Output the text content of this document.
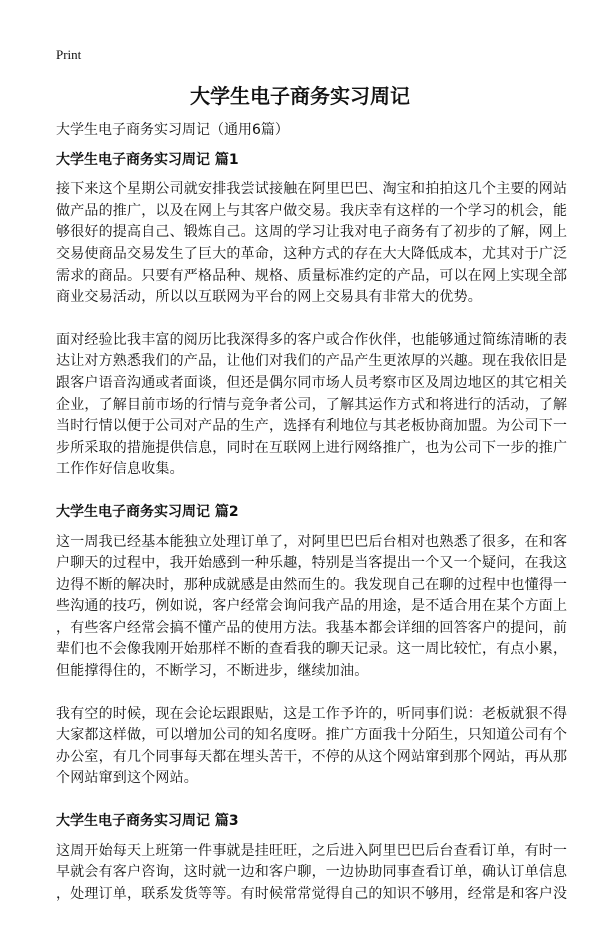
Print
大学生电子商务实习周记
大学生电子商务实习周记（通用6篇）
大学生电子商务实习周记 篇1

接下来这个星期公司就安排我尝试接触在阿里巴巴、淘宝和拍拍这几个主要的网站
做产品的推广，以及在网上与其客户做交易。我庆幸有这样的一个学习的机会，能
够很好的提高自己、锻炼自己。这周的学习让我对电子商务有了初步的了解，网上
交易使商品交易发生了巨大的革命，这种方式的存在大大降低成本，尤其对于广泛
需求的商品。只要有严格品种、规格、质量标准约定的产品，可以在网上实现全部
商业交易活动，所以以互联网为平台的网上交易具有非常大的优势。

面对经验比我丰富的阅历比我深得多的客户或合作伙伴，也能够通过简练清晰的表
达让对方熟悉我们的产品，让他们对我们的产品产生更浓厚的兴趣。现在我依旧是
跟客户语音沟通或者面谈，但还是偶尔同市场人员考察市区及周边地区的其它相关
企业，了解目前市场的行情与竞争者公司，了解其运作方式和将进行的活动，了解
当时行情以便于公司对产品的生产，选择有利地位与其老板协商加盟。为公司下一
步所采取的措施提供信息，同时在互联网上进行网络推广，也为公司下一步的推广
工作作好信息收集。

大学生电子商务实习周记 篇2

这一周我已经基本能独立处理订单了，对阿里巴巴后台相对也熟悉了很多，在和客
户聊天的过程中，我开始感到一种乐趣，特别是当客提出一个又一个疑问，在我这
边得不断的解决时，那种成就感是由然而生的。我发现自己在聊的过程中也懂得一
些沟通的技巧，例如说，客户经常会询问我产品的用途，是不适合用在某个方面上
，有些客户经常会搞不懂产品的使用方法。我基本都会详细的回答客户的提问，前
辈们也不会像我刚开始那样不断的查看我的聊天记录。这一周比较忙，有点小累，
但能撑得住的，不断学习，不断进步，继续加油。

我有空的时候，现在会论坛跟跟贴，这是工作予许的，听同事们说：老板就狠不得
大家都这样做，可以增加公司的知名度呀。推广方面我十分陌生，只知道公司有个
办公室，有几个同事每天都在埋头苦干，不停的从这个网站窜到那个网站，再从那
个网站窜到这个网站。

大学生电子商务实习周记 篇3

这周开始每天上班第一件事就是挂旺旺，之后进入阿里巴巴后台查看订单，有时一
早就会有客户咨询，这时就一边和客户聊，一边协助同事查看订单，确认订单信息
，处理订单，联系发货等等。有时候常常觉得自己的知识不够用，经常是和客户没
